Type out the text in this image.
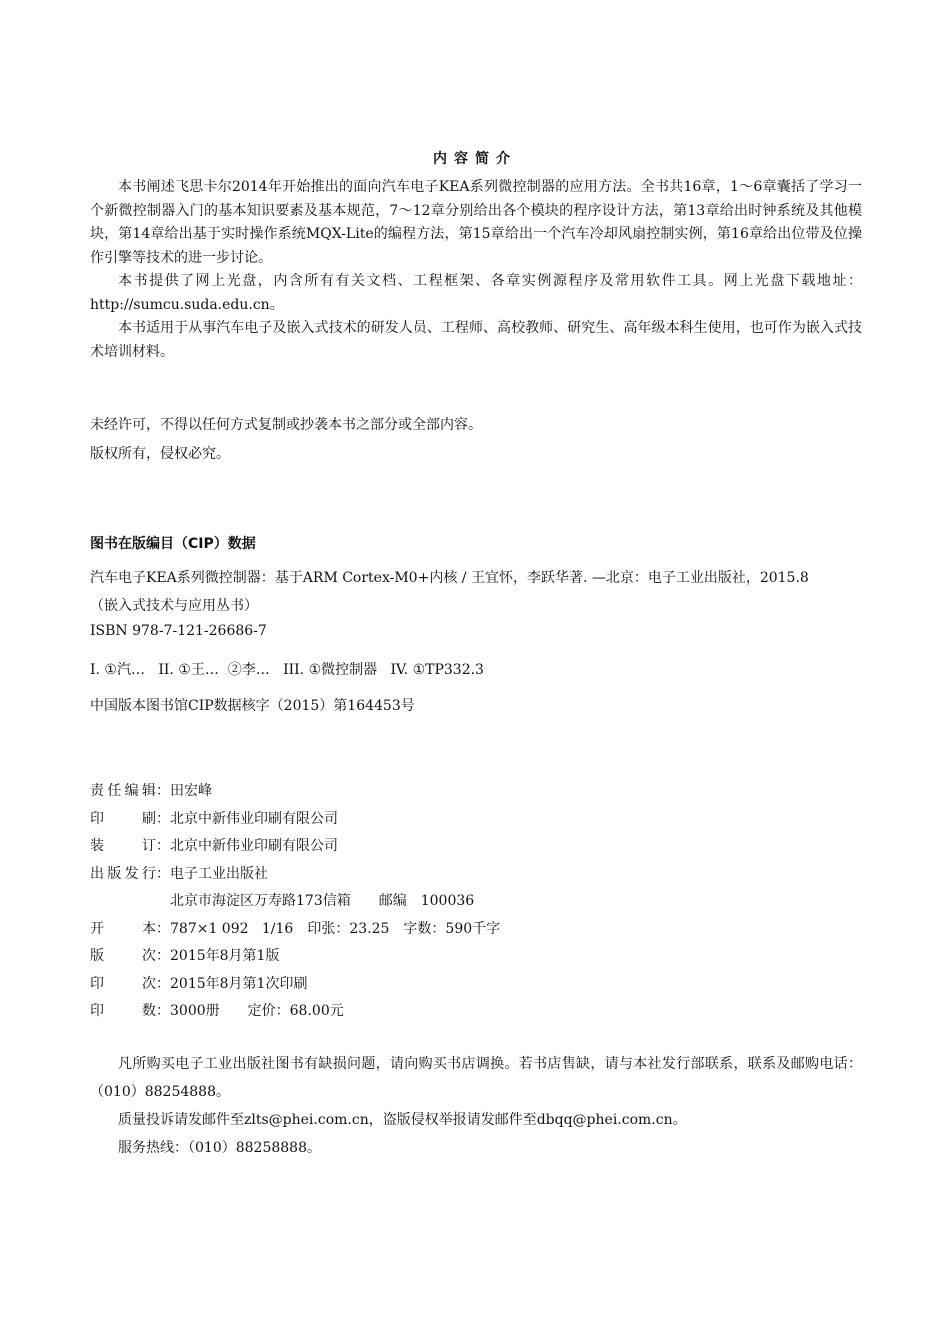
内容简介

本书阐述飞思卡尔2014年开始推出的面向汽车电子KEA系列微控制器的应用方法。全书共16章，1～6章囊括了学习一个新微控制器入门的基本知识要素及基本规范，7～12章分别给出各个模块的程序设计方法，第13章给出时钟系统及其他模块，第14章给出基于实时操作系统MQX-Lite的编程方法，第15章给出一个汽车冷却风扇控制实例，第16章给出位带及位操作引擎等技术的进一步讨论。

本书提供了网上光盘，内含所有有关文档、工程框架、各章实例源程序及常用软件工具。网上光盘下载地址：http://sumcu.suda.edu.cn。

本书适用于从事汽车电子及嵌入式技术的研发人员、工程师、高校教师、研究生、高年级本科生使用，也可作为嵌入式技术培训材料。

未经许可，不得以任何方式复制或抄袭本书之部分或全部内容。

版权所有，侵权必究。

图书在版编目（CIP）数据
汽车电子KEA系列微控制器：基于ARM Cortex-M0+内核 / 王宜怀，李跃华著. —北京：电子工业出版社，2015.8
（嵌入式技术与应用丛书）
ISBN 978-7-121-26686-7
I. ①汽…   II. ①王…  ②李…   III. ①微控制器   IV. ①TP332.3
中国版本图书馆CIP数据核字（2015）第164453号
责任编辑：田宏峰
印刷：北京中新伟业印刷有限公司
装订：北京中新伟业印刷有限公司
出版发行：电子工业出版社
北京市海淀区万寿路173信箱 邮编 100036
开本：787×1 092   1/16 印张：23.25 字数：590千字
版次：2015年8月第1版
印次：2015年8月第1次印刷
印数：3000册 定价：68.00元

凡所购买电子工业出版社图书有缺损问题，请向购买书店调换。若书店售缺，请与本社发行部联系，联系及邮购电话：（010）88254888。

质量投诉请发邮件至zlts@phei.com.cn，盗版侵权举报请发邮件至dbqq@phei.com.cn。

服务热线：（010）88258888。
